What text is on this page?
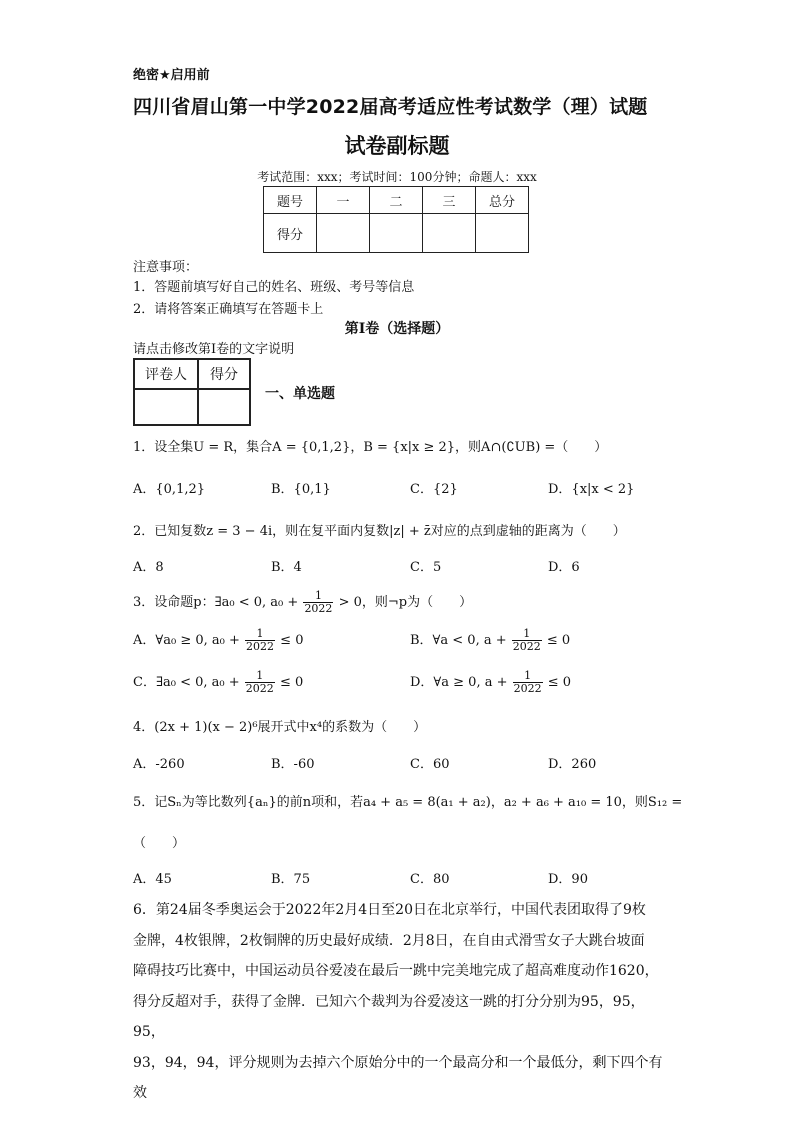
绝密★启用前
四川省眉山第一中学2022届高考适应性考试数学（理）试题
试卷副标题
考试范围：xxx；考试时间：100分钟；命题人：xxx
题号	一	二	三	总分
得分				
注意事项：
1．答题前填写好自己的姓名、班级、考号等信息
2．请将答案正确填写在答题卡上
第I卷（选择题）
请点击修改第I卷的文字说明
评卷人	得分

一、单选题
1．设全集U = R，集合A = {0,1,2}，B = {x|x ≥ 2}，则A∩(∁UB) =（　　）
A．{0,1,2}	B．{0,1}	C．{2}	D．{x|x < 2}
2．已知复数z = 3 − 4i，则在复平面内复数|z| + z̄对应的点到虚轴的距离为（　　）
A．8	B．4	C．5	D．6
3．设命题p：∃a₀ < 0, $a_0 + \frac{1}{2022} > 0$，则¬p为（　　）
A．∀a₀ ≥ 0, $a_0 + \frac{1}{2022} \le 0$	B．∀a < 0, $a + \frac{1}{2022} \le 0$
C．∃a₀ < 0, $a_0 + \frac{1}{2022} \le 0$	D．∀a ≥ 0, $a + \frac{1}{2022} \le 0$
4．(2x + 1)(x − 2)⁶展开式中x⁴的系数为（　　）
A．-260	B．-60	C．60	D．260
5．记Sₙ为等比数列{aₙ}的前n项和，若a₄ + a₅ = 8(a₁ + a₂)，a₂ + a₆ + a₁₀ = 10，则S₁₂ =
（　　）
A．45	B．75	C．80	D．90
6．第24届冬季奥运会于2022年2月4日至20日在北京举行，中国代表团取得了9枚
金牌，4枚银牌，2枚铜牌的历史最好成绩．2月8日，在自由式滑雪女子大跳台坡面
障碍技巧比赛中，中国运动员谷爱凌在最后一跳中完美地完成了超高难度动作1620，
得分反超对手，获得了金牌．已知六个裁判为谷爱凌这一跳的打分分别为95，95，95，
93，94，94，评分规则为去掉六个原始分中的一个最高分和一个最低分，剩下四个有效
